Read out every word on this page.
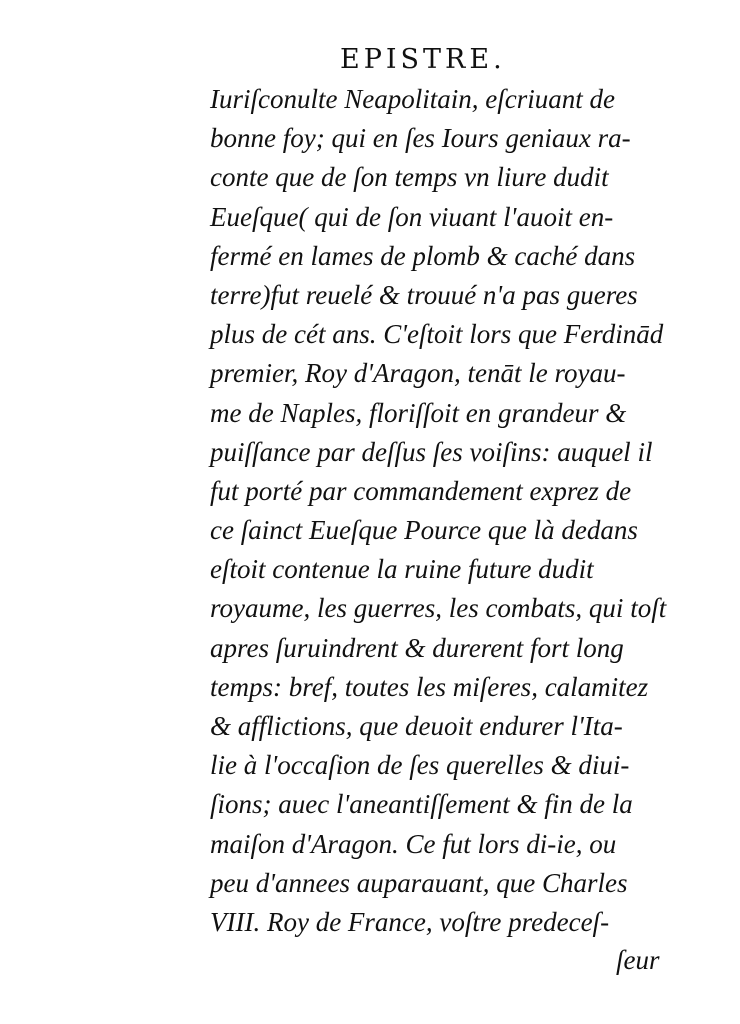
EPISTRE.
Iuriſconulte Neapolitain, eſcriuant de
bonne foy; qui en ſes Iours geniaux ra-
conte que de ſon temps vn liure dudit
Eueſque( qui de ſon viuant l'auoit en-
fermé en lames de plomb & caché dans
terre)fut reuelé & trouué n'a pas gueres
plus de cét ans. C'eſtoit lors que Ferdinād
premier, Roy d'Aragon, tenāt le royau-
me de Naples, floriſſoit en grandeur &
puiſſance par deſſus ſes voiſins: auquel il
fut porté par commandement exprez de
ce ſainct Eueſque Pource que là dedans
eſtoit contenue la ruine future dudit
royaume, les guerres, les combats, qui toſt
apres ſuruindrent & durerent fort long
temps: bref, toutes les miſeres, calamitez
& afflictions, que deuoit endurer l'Ita-
lie à l'occaſion de ſes querelles & diui-
ſions; auec l'aneantiſſement & fin de la
maiſon d'Aragon. Ce fut lors di-ie, ou
peu d'annees auparauant, que Charles
VIII. Roy de France, voſtre predeceſ-
ſeur
